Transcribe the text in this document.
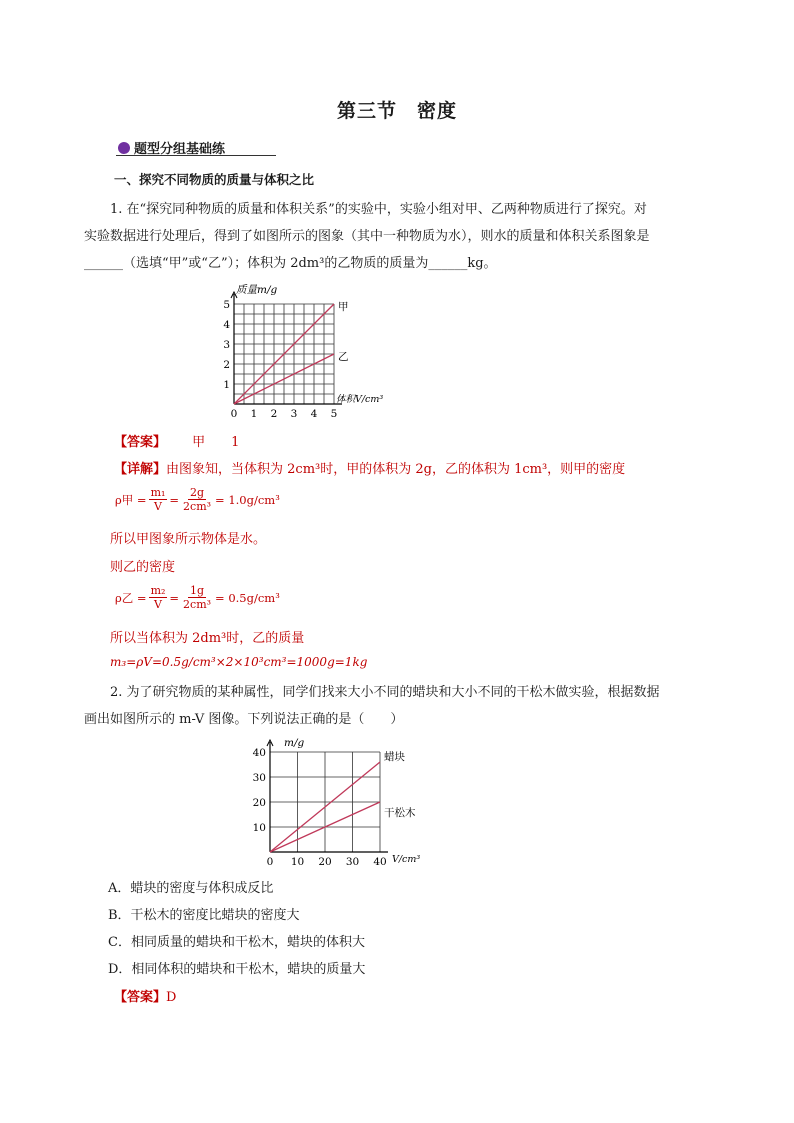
第三节　密度
题型分组基础练
一、探究不同物质的质量与体积之比
1. 在“探究同种物质的质量和体积关系”的实验中，实验小组对甲、乙两种物质进行了探究。对
实验数据进行处理后，得到了如图所示的图象（其中一种物质为水），则水的质量和体积关系图象是
______（选填“甲”或“乙”）；体积为 2dm³的乙物质的质量为______kg。
0 1 2 3 4 5
1
2
3
4
5
质量m/g
体积V/cm³
甲
乙
【答案】 甲　　1
【详解】由图象知，当体积为 2cm³时，甲的体积为 2g，乙的体积为 1cm³，则甲的密度
ρ甲 = $\frac{\text{m₁}}{V} = \frac{2g}{\text{2cm³}} = 1.0g/cm^3$
所以甲图象所示物体是水。
则乙的密度
ρ乙 = $\frac{\text{m₂}}{V} = \frac{1g}{\text{2cm³}} = 0.5g/cm^3$
所以当体积为 2dm³时，乙的质量
m₃=ρV=0.5g/cm³×2×10³cm³=1000g=1kg
2. 为了研究物质的某种属性，同学们找来大小不同的蜡块和大小不同的干松木做实验，根据数据
画出如图所示的 m-V 图像。下列说法正确的是（　　）
0 10 20 30 40
10
20
30
40
m/g
V/cm³
蜡块
干松木
A．蜡块的密度与体积成反比
B．干松木的密度比蜡块的密度大
C．相同质量的蜡块和干松木，蜡块的体积大
D．相同体积的蜡块和干松木，蜡块的质量大
【答案】D
